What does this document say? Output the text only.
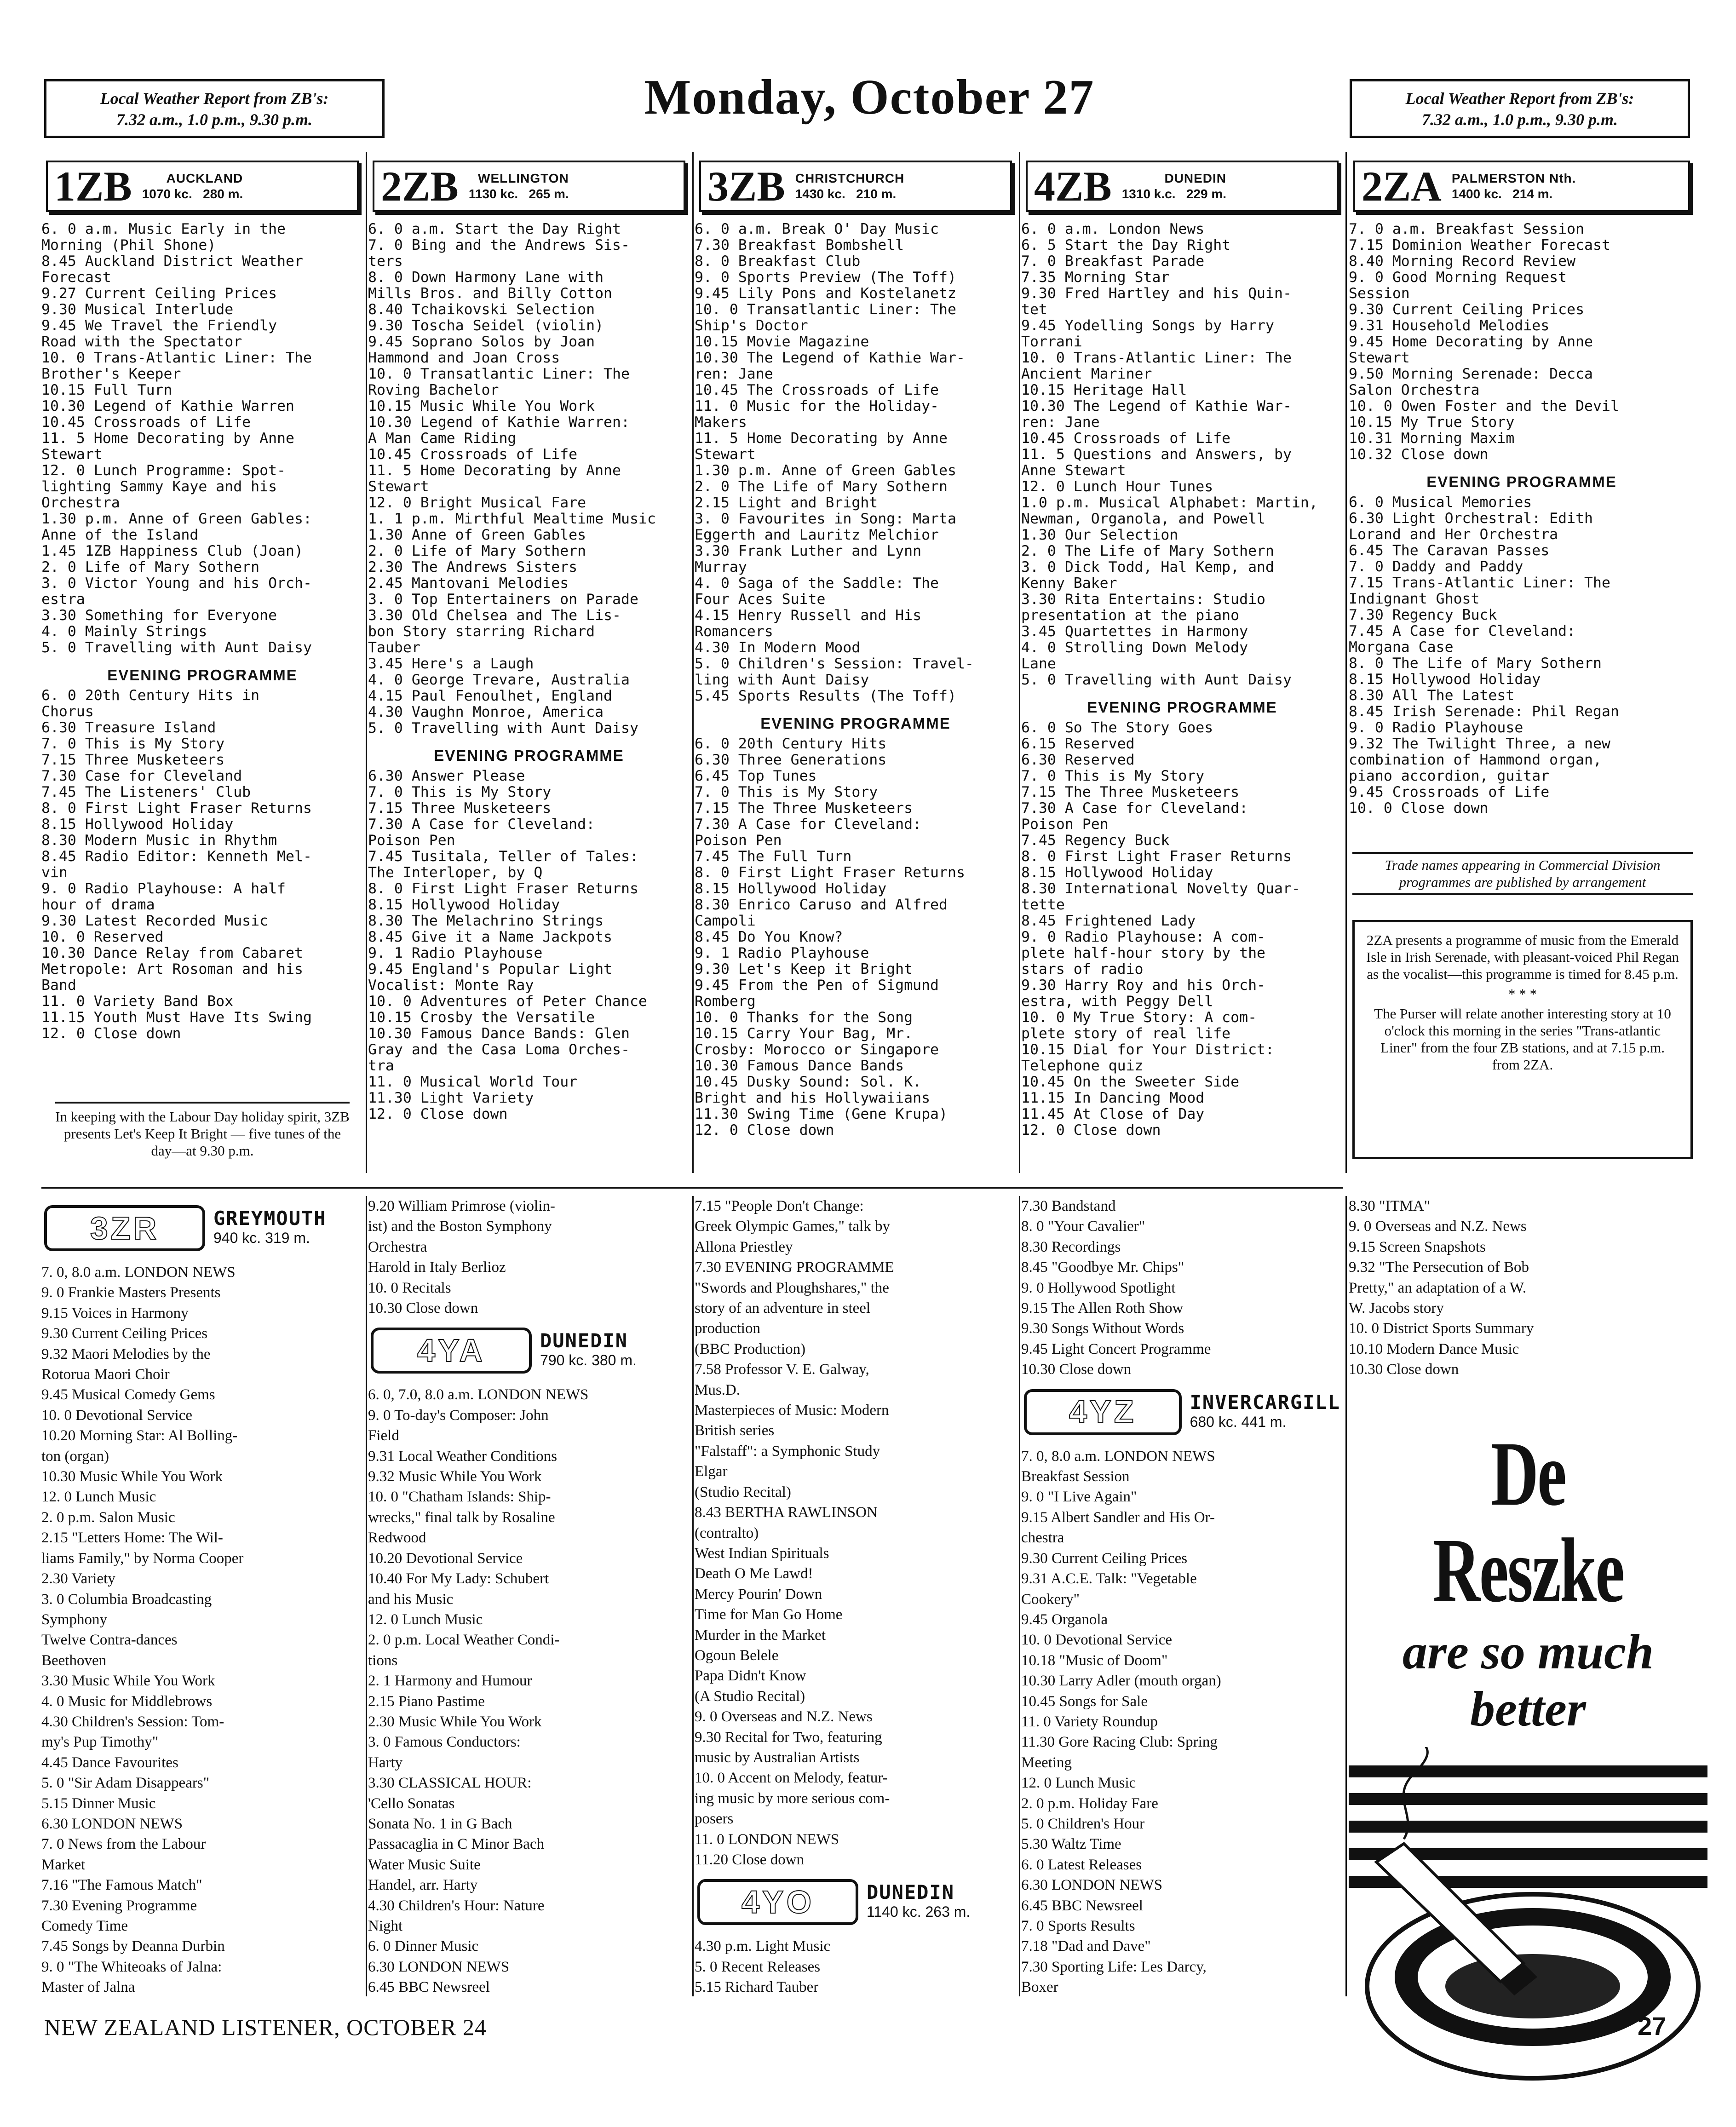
Local Weather Report from ZB's:
7.32 a.m., 1.0 p.m., 9.30 p.m.	Monday, October 27	Local Weather Report from ZB's:
7.32 a.m., 1.0 p.m., 9.30 p.m.
1ZB	AUCKLAND
1070 kc. 280 m.
6. 0 a.m. Music Early in the
Morning (Phil Shone)
8.45 Auckland District Weather
Forecast
9.27 Current Ceiling Prices
9.30 Musical Interlude
9.45 We Travel the Friendly
Road with the Spectator
10. 0 Trans-Atlantic Liner: The
Brother's Keeper
10.15 Full Turn
10.30 Legend of Kathie Warren
10.45 Crossroads of Life
11. 5 Home Decorating by Anne
Stewart
12. 0 Lunch Programme: Spot-
lighting Sammy Kaye and his
Orchestra
1.30 p.m. Anne of Green Gables:
Anne of the Island
1.45 1ZB Happiness Club (Joan)
2. 0 Life of Mary Sothern
3. 0 Victor Young and his Orch-
estra
3.30 Something for Everyone
4. 0 Mainly Strings
5. 0 Travelling with Aunt Daisy
EVENING PROGRAMME
6. 0 20th Century Hits in
Chorus
6.30 Treasure Island
7. 0 This is My Story
7.15 Three Musketeers
7.30 Case for Cleveland
7.45 The Listeners' Club
8. 0 First Light Fraser Returns
8.15 Hollywood Holiday
8.30 Modern Music in Rhythm
8.45 Radio Editor: Kenneth Mel-
vin
9. 0 Radio Playhouse: A half
hour of drama
9.30 Latest Recorded Music
10. 0 Reserved
10.30 Dance Relay from Cabaret
Metropole: Art Rosoman and his
Band
11. 0 Variety Band Box
11.15 Youth Must Have Its Swing
12. 0 Close down
2ZB	WELLINGTON
1130 kc. 265 m.
6. 0 a.m. Start the Day Right
7. 0 Bing and the Andrews Sis-
ters
8. 0 Down Harmony Lane with
Mills Bros. and Billy Cotton
8.40 Tchaikovski Selection
9.30 Toscha Seidel (violin)
9.45 Soprano Solos by Joan
Hammond and Joan Cross
10. 0 Transatlantic Liner: The
Roving Bachelor
10.15 Music While You Work
10.30 Legend of Kathie Warren:
A Man Came Riding
10.45 Crossroads of Life
11. 5 Home Decorating by Anne
Stewart
12. 0 Bright Musical Fare
1. 1 p.m. Mirthful Mealtime Music
1.30 Anne of Green Gables
2. 0 Life of Mary Sothern
2.30 The Andrews Sisters
2.45 Mantovani Melodies
3. 0 Top Entertainers on Parade
3.30 Old Chelsea and The Lis-
bon Story starring Richard
Tauber
3.45 Here's a Laugh
4. 0 George Trevare, Australia
4.15 Paul Fenoulhet, England
4.30 Vaughn Monroe, America
5. 0 Travelling with Aunt Daisy
EVENING PROGRAMME
6.30 Answer Please
7. 0 This is My Story
7.15 Three Musketeers
7.30 A Case for Cleveland:
Poison Pen
7.45 Tusitala, Teller of Tales:
The Interloper, by Q
8. 0 First Light Fraser Returns
8.15 Hollywood Holiday
8.30 The Melachrino Strings
8.45 Give it a Name Jackpots
9. 1 Radio Playhouse
9.45 England's Popular Light
Vocalist: Monte Ray
10. 0 Adventures of Peter Chance
10.15 Crosby the Versatile
10.30 Famous Dance Bands: Glen
Gray and the Casa Loma Orches-
tra
11. 0 Musical World Tour
11.30 Light Variety
12. 0 Close down
3ZB CHRISTCHURCH
1430 kc. 210 m.
6. 0 a.m. Break O' Day Music
7.30 Breakfast Bombshell
8. 0 Breakfast Club
9. 0 Sports Preview (The Toff)
9.45 Lily Pons and Kostelanetz
10. 0 Transatlantic Liner: The
Ship's Doctor
10.15 Movie Magazine
10.30 The Legend of Kathie War-
ren: Jane
10.45 The Crossroads of Life
11. 0 Music for the Holiday-
Makers
11. 5 Home Decorating by Anne
Stewart
1.30 p.m. Anne of Green Gables
2. 0 The Life of Mary Sothern
2.15 Light and Bright
3. 0 Favourites in Song: Marta
Eggerth and Lauritz Melchior
3.30 Frank Luther and Lynn
Murray
4. 0 Saga of the Saddle: The
Four Aces Suite
4.15 Henry Russell and His
Romancers
4.30 In Modern Mood
5. 0 Children's Session: Travel-
ling with Aunt Daisy
5.45 Sports Results (The Toff)
EVENING PROGRAMME
6. 0 20th Century Hits
6.30 Three Generations
6.45 Top Tunes
7. 0 This is My Story
7.15 The Three Musketeers
7.30 A Case for Cleveland:
Poison Pen
7.45 The Full Turn
8. 0 First Light Fraser Returns
8.15 Hollywood Holiday
8.30 Enrico Caruso and Alfred
Campoli
8.45 Do You Know?
9. 1 Radio Playhouse
9.30 Let's Keep it Bright
9.45 From the Pen of Sigmund
Romberg
10. 0 Thanks for the Song
10.15 Carry Your Bag, Mr.
Crosby: Morocco or Singapore
10.30 Famous Dance Bands
10.45 Dusky Sound: Sol. K.
Bright and his Hollywaiians
11.30 Swing Time (Gene Krupa)
12. 0 Close down
4ZB	DUNEDIN
1310 k.c. 229 m.
6. 0 a.m. London News
6. 5 Start the Day Right
7. 0 Breakfast Parade
7.35 Morning Star
9.30 Fred Hartley and his Quin-
tet
9.45 Yodelling Songs by Harry
Torrani
10. 0 Trans-Atlantic Liner: The
Ancient Mariner
10.15 Heritage Hall
10.30 The Legend of Kathie War-
ren: Jane
10.45 Crossroads of Life
11. 5 Questions and Answers, by
Anne Stewart
12. 0 Lunch Hour Tunes
1.0 p.m. Musical Alphabet: Martin,
Newman, Organola, and Powell
1.30 Our Selection
2. 0 The Life of Mary Sothern
3. 0 Dick Todd, Hal Kemp, and
Kenny Baker
3.30 Rita Entertains: Studio
presentation at the piano
3.45 Quartettes in Harmony
4. 0 Strolling Down Melody
Lane
5. 0 Travelling with Aunt Daisy
EVENING PROGRAMME
6. 0 So The Story Goes
6.15 Reserved
6.30 Reserved
7. 0 This is My Story
7.15 The Three Musketeers
7.30 A Case for Cleveland:
Poison Pen
7.45 Regency Buck
8. 0 First Light Fraser Returns
8.15 Hollywood Holiday
8.30 International Novelty Quar-
tette
8.45 Frightened Lady
9. 0 Radio Playhouse: A com-
plete half-hour story by the
stars of radio
9.30 Harry Roy and his Orch-
estra, with Peggy Dell
10. 0 My True Story: A com-
plete story of real life
10.15 Dial for Your District:
Telephone quiz
10.45 On the Sweeter Side
11.15 In Dancing Mood
11.45 At Close of Day
12. 0 Close down
2ZA PALMERSTON Nth.
1400 kc. 214 m.
7. 0 a.m. Breakfast Session
7.15 Dominion Weather Forecast
8.40 Morning Record Review
9. 0 Good Morning Request
Session
9.30 Current Ceiling Prices
9.31 Household Melodies
9.45 Home Decorating by Anne
Stewart
9.50 Morning Serenade: Decca
Salon Orchestra
10. 0 Owen Foster and the Devil
10.15 My True Story
10.31 Morning Maxim
10.32 Close down
EVENING PROGRAMME
6. 0 Musical Memories
6.30 Light Orchestral: Edith
Lorand and Her Orchestra
6.45 The Caravan Passes
7. 0 Daddy and Paddy
7.15 Trans-Atlantic Liner: The
Indignant Ghost
7.30 Regency Buck
7.45 A Case for Cleveland:
Morgana Case
8. 0 The Life of Mary Sothern
8.15 Hollywood Holiday
8.30 All The Latest
8.45 Irish Serenade: Phil Regan
9. 0 Radio Playhouse
9.32 The Twilight Three, a new
combination of Hammond organ,
piano accordion, guitar
9.45 Crossroads of Life
10. 0 Close down
Trade names appearing in Commercial Division programmes are published by arrangement
2ZA presents a programme of music from the Emerald Isle in Irish Serenade, with pleasant-voiced Phil Regan as the vocalist—this programme is timed for 8.45 p.m.
* * *
The Purser will relate another interesting story at 10 o'clock this morning in the series "Trans-atlantic Liner" from the four ZB stations, and at 7.15 p.m. from 2ZA.
In keeping with the Labour Day holiday spirit, 3ZB presents Let's Keep It Bright — five tunes of the day—at 9.30 p.m.
3ZR	GREYMOUTH
940 kc. 319 m.
7. 0, 8.0 a.m. LONDON NEWS
9. 0 Frankie Masters Presents
9.15 Voices in Harmony
9.30 Current Ceiling Prices
9.32 Maori Melodies by the
Rotorua Maori Choir
9.45 Musical Comedy Gems
10. 0 Devotional Service
10.20 Morning Star: Al Bolling-
ton (organ)
10.30 Music While You Work
12. 0 Lunch Music
2. 0 p.m. Salon Music
2.15 "Letters Home: The Wil-
liams Family," by Norma Cooper
2.30 Variety
3. 0 Columbia Broadcasting
Symphony
Twelve Contra-dances
Beethoven
3.30 Music While You Work
4. 0 Music for Middlebrows
4.30 Children's Session: Tom-
my's Pup Timothy"
4.45 Dance Favourites
5. 0 "Sir Adam Disappears"
5.15 Dinner Music
6.30 LONDON NEWS
7. 0 News from the Labour
Market
7.16 "The Famous Match"
7.30 Evening Programme
Comedy Time
7.45 Songs by Deanna Durbin
9. 0 "The Whiteoaks of Jalna:
Master of Jalna
9.20 William Primrose (violin-
ist) and the Boston Symphony
Orchestra
Harold in Italy Berlioz
10. 0 Recitals
10.30 Close down
4YA	DUNEDIN
790 kc. 380 m.
6. 0, 7.0, 8.0 a.m. LONDON NEWS
9. 0 To-day's Composer: John
Field
9.31 Local Weather Conditions
9.32 Music While You Work
10. 0 "Chatham Islands: Ship-
wrecks," final talk by Rosaline
Redwood
10.20 Devotional Service
10.40 For My Lady: Schubert
and his Music
12. 0 Lunch Music
2. 0 p.m. Local Weather Condi-
tions
2. 1 Harmony and Humour
2.15 Piano Pastime
2.30 Music While You Work
3. 0 Famous Conductors:
Harty
3.30 CLASSICAL HOUR:
'Cello Sonatas
Sonata No. 1 in G Bach
Passacaglia in C Minor Bach
Water Music Suite
Handel, arr. Harty
4.30 Children's Hour: Nature
Night
6. 0 Dinner Music
6.30 LONDON NEWS
6.45 BBC Newsreel
7.15 "People Don't Change:
Greek Olympic Games," talk by
Allona Priestley
7.30 EVENING PROGRAMME
"Swords and Ploughshares," the
story of an adventure in steel
production
(BBC Production)
7.58 Professor V. E. Galway,
Mus.D.
Masterpieces of Music: Modern
British series
"Falstaff": a Symphonic Study
Elgar
(Studio Recital)
8.43 BERTHA RAWLINSON
(contralto)
West Indian Spirituals
Death O Me Lawd!
Mercy Pourin' Down
Time for Man Go Home
Murder in the Market
Ogoun Belele
Papa Didn't Know
(A Studio Recital)
9. 0 Overseas and N.Z. News
9.30 Recital for Two, featuring
music by Australian Artists
10. 0 Accent on Melody, featur-
ing music by more serious com-
posers
11. 0 LONDON NEWS
11.20 Close down
4YO	DUNEDIN
1140 kc. 263 m.
4.30 p.m. Light Music
5. 0 Recent Releases
5.15 Richard Tauber
7.30 Bandstand
8. 0 "Your Cavalier"
8.30 Recordings
8.45 "Goodbye Mr. Chips"
9. 0 Hollywood Spotlight
9.15 The Allen Roth Show
9.30 Songs Without Words
9.45 Light Concert Programme
10.30 Close down
4YZ	INVERCARGILL
680 kc. 441 m.
7. 0, 8.0 a.m. LONDON NEWS
Breakfast Session
9. 0 "I Live Again"
9.15 Albert Sandler and His Or-
chestra
9.30 Current Ceiling Prices
9.31 A.C.E. Talk: "Vegetable
Cookery"
9.45 Organola
10. 0 Devotional Service
10.18 "Music of Doom"
10.30 Larry Adler (mouth organ)
10.45 Songs for Sale
11. 0 Variety Roundup
11.30 Gore Racing Club: Spring
Meeting
12. 0 Lunch Music
2. 0 p.m. Holiday Fare
5. 0 Children's Hour
5.30 Waltz Time
6. 0 Latest Releases
6.30 LONDON NEWS
6.45 BBC Newsreel
7. 0 Sports Results
7.18 "Dad and Dave"
7.30 Sporting Life: Les Darcy,
Boxer
8.30 "ITMA"
9. 0 Overseas and N.Z. News
9.15 Screen Snapshots
9.32 "The Persecution of Bob
Pretty," an adaptation of a W.
W. Jacobs story
10. 0 District Sports Summary
10.10 Modern Dance Music
10.30 Close down
De Reszke
are so much better
NEW ZEALAND LISTENER, OCTOBER 24	27
